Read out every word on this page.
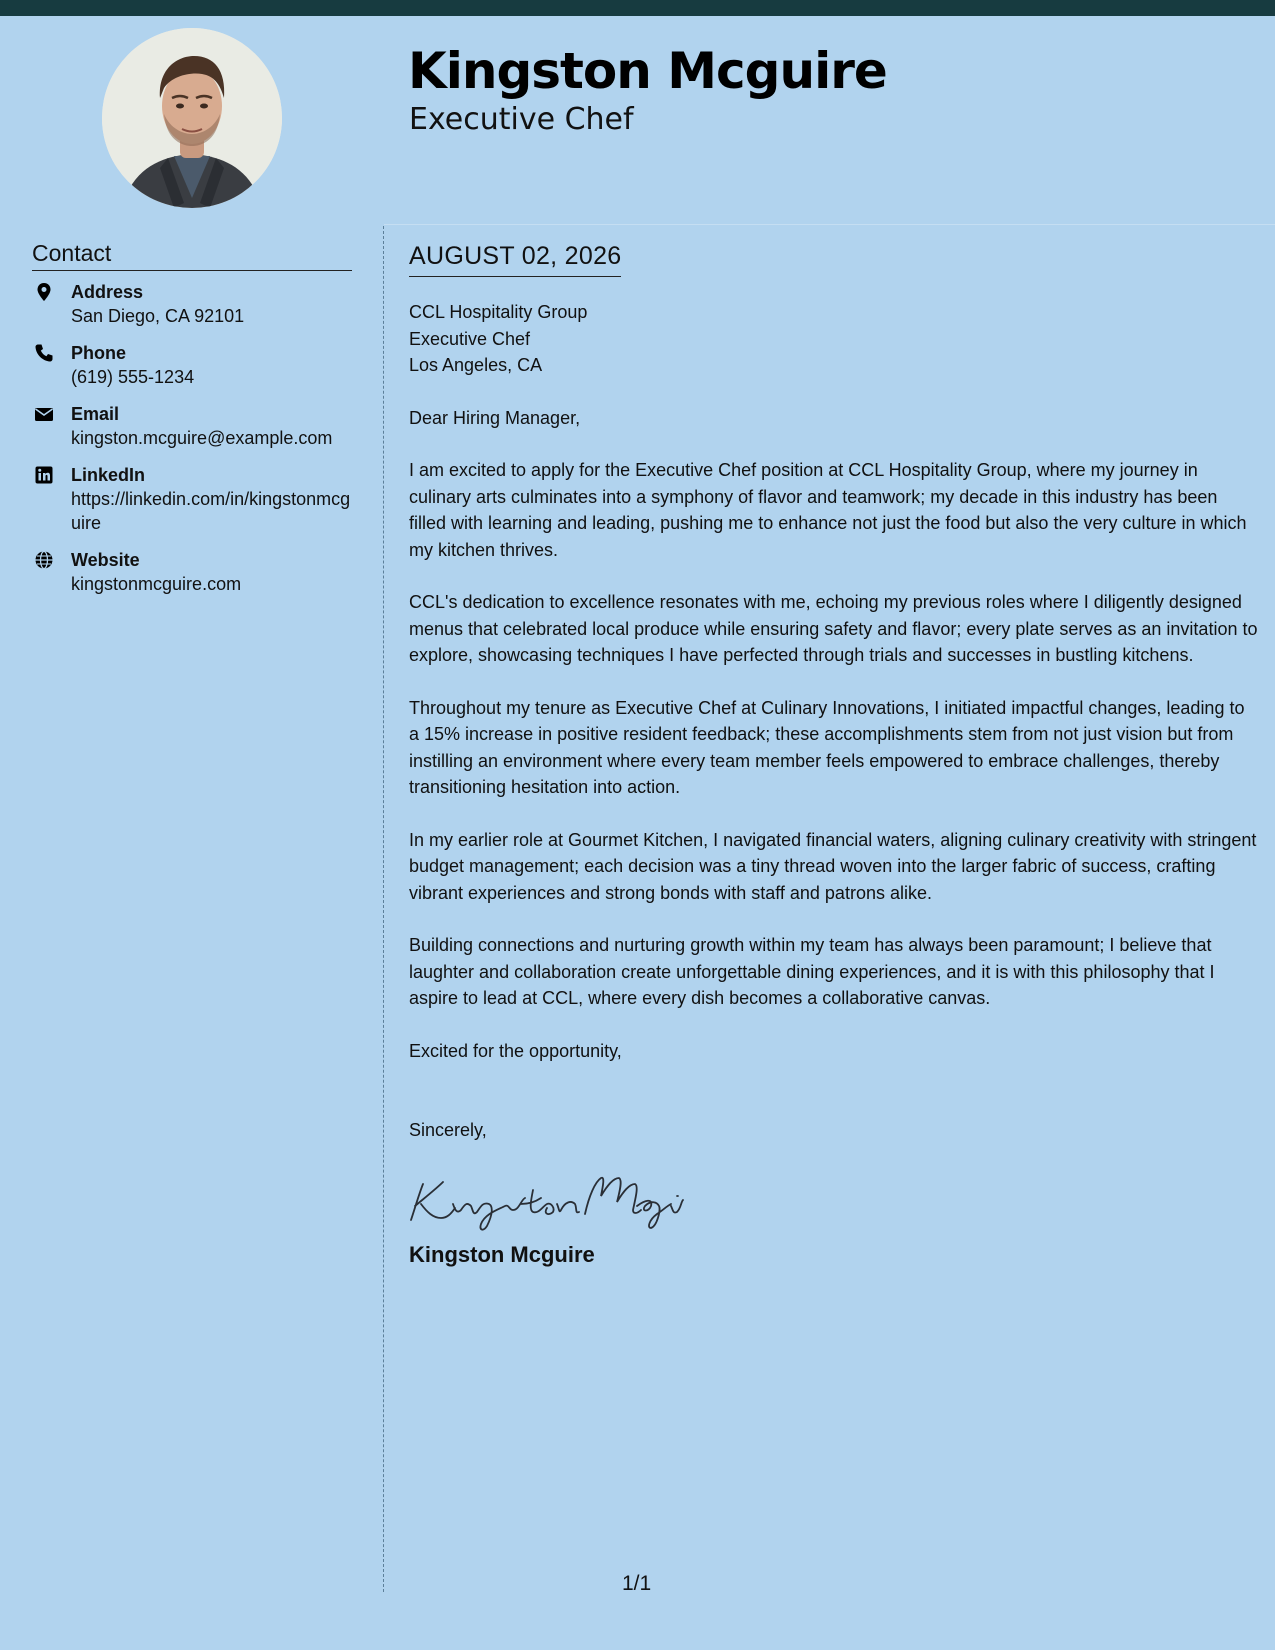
Kingston Mcguire
Executive Chef
Contact
Address
San Diego, CA 92101
Phone
(619) 555-1234
Email
kingston.mcguire@example.com
LinkedIn
https://linkedin.com/in/kingstonmcguire
Website
kingstonmcguire.com
AUGUST 02, 2026
CCL Hospitality Group
Executive Chef
Los Angeles, CA
Dear Hiring Manager,

I am excited to apply for the Executive Chef position at CCL Hospitality Group, where my journey in culinary arts culminates into a symphony of flavor and teamwork; my decade in this industry has been filled with learning and leading, pushing me to enhance not just the food but also the very culture in which my kitchen thrives.

CCL's dedication to excellence resonates with me, echoing my previous roles where I diligently designed menus that celebrated local produce while ensuring safety and flavor; every plate serves as an invitation to explore, showcasing techniques I have perfected through trials and successes in bustling kitchens.

Throughout my tenure as Executive Chef at Culinary Innovations, I initiated impactful changes, leading to a 15% increase in positive resident feedback; these accomplishments stem from not just vision but from instilling an environment where every team member feels empowered to embrace challenges, thereby transitioning hesitation into action.

In my earlier role at Gourmet Kitchen, I navigated financial waters, aligning culinary creativity with stringent budget management; each decision was a tiny thread woven into the larger fabric of success, crafting vibrant experiences and strong bonds with staff and patrons alike.

Building connections and nurturing growth within my team has always been paramount; I believe that laughter and collaboration create unforgettable dining experiences, and it is with this philosophy that I aspire to lead at CCL, where every dish becomes a collaborative canvas.

Excited for the opportunity,
Sincerely,
Kingston Mcguire
1/1
